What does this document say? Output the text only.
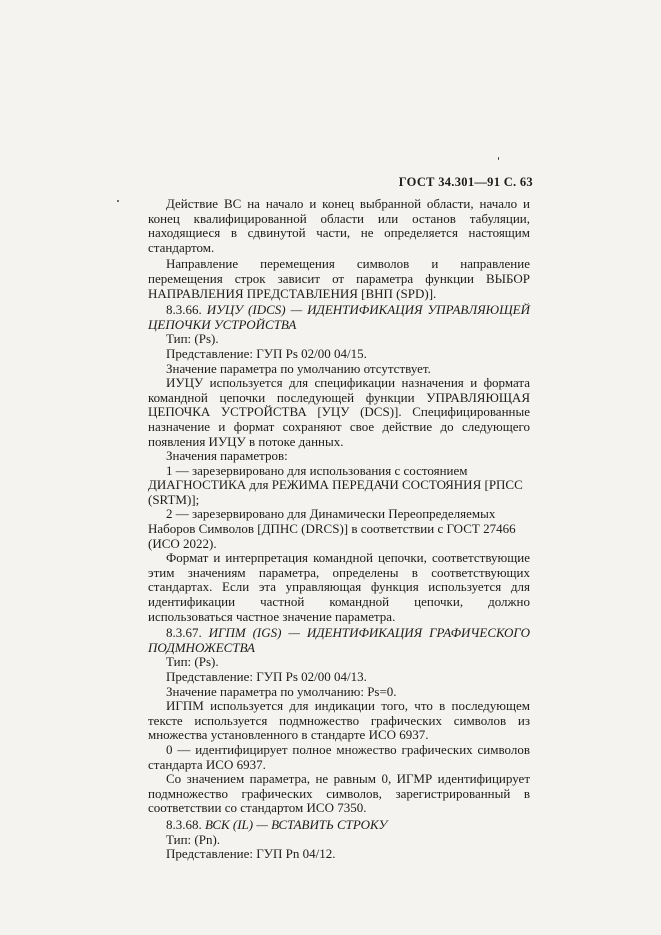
ГОСТ 34.301—91 С. 63

Действие ВС на начало и конец выбранной области, начало и конец квалифицированной области или останов табуляции, находящиеся в сдвинутой части, не определяется настоящим стандартом.

Направление перемещения символов и направление перемещения строк зависит от параметра функции ВЫБОР НАПРАВЛЕНИЯ ПРЕДСТАВЛЕНИЯ [ВНП (SPD)].

8.3.66. ИУЦУ (IDCS) — ИДЕНТИФИКАЦИЯ УПРАВЛЯЮЩЕЙ ЦЕПОЧКИ УСТРОЙСТВА

Тип: (Ps).

Представление: ГУП Ps 02/00 04/15.

Значение параметра по умолчанию отсутствует.

ИУЦУ используется для спецификации назначения и формата командной цепочки последующей функции УПРАВЛЯЮЩАЯ ЦЕПОЧКА УСТРОЙСТВА [УЦУ (DCS)]. Специфицированные назначение и формат сохраняют свое действие до следующего появления ИУЦУ в потоке данных.

Значения параметров:

1 — зарезервировано для использования с состоянием ДИАГНОСТИКА для РЕЖИМА ПЕРЕДАЧИ СОСТОЯНИЯ [РПСС (SRTM)];

2 — зарезервировано для Динамически Переопределяемых Наборов Символов [ДПНС (DRCS)] в соответствии с ГОСТ 27466 (ИСО 2022).

Формат и интерпретация командной цепочки, соответствующие этим значениям параметра, определены в соответствующих стандартах. Если эта управляющая функция используется для идентификации частной командной цепочки, должно использоваться частное значение параметра.

8.3.67. ИГПМ (IGS) — ИДЕНТИФИКАЦИЯ ГРАФИЧЕСКОГО ПОДМНОЖЕСТВА

Тип: (Ps).

Представление: ГУП Ps 02/00 04/13.

Значение параметра по умолчанию: Ps=0.

ИГПМ используется для индикации того, что в последующем тексте используется подмножество графических символов из множества установленного в стандарте ИСО 6937.

0 — идентифицирует полное множество графических символов стандарта ИСО 6937.

Со значением параметра, не равным 0, ИГМР идентифицирует подмножество графических символов, зарегистрированный в соответствии со стандартом ИСО 7350.

8.3.68. ВСК (IL) — ВСТАВИТЬ СТРОКУ

Тип: (Pn).

Представление: ГУП Pn 04/12.
